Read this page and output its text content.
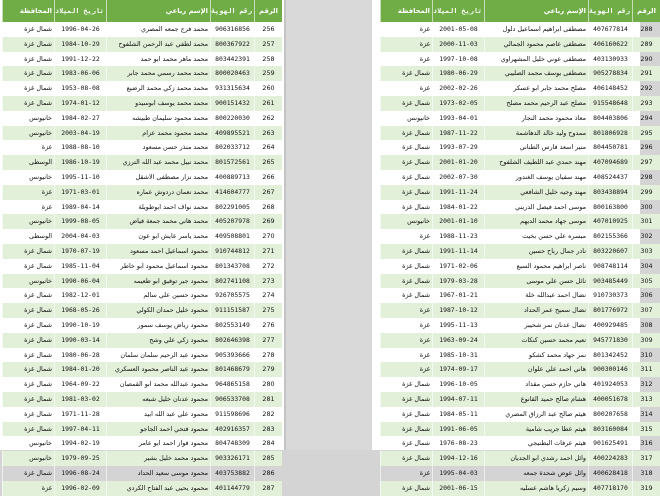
الرقم
رقم الهوية
الإسم رباعي
تاريخ الميلاد
المحافظة
256
906316856
محمد فرج جمعه المصري
1996-04-26
شمال غزة
257
800367922
محمد لطفي عبد الرحمن الشلفوح
1984-10-29
شمال غزة
258
803442391
محمد ماهر محمد ابو حمد
1991-12-22
شمال غزة
259
800020463
محمد محمد رسمي محمد جابر
1983-06-06
شمال غزة
260
931315634
محمد محمد زكي محمد الرضيع
1953-08-08
شمال غزة
261
900151432
محمد محمد يوسف ابوسيدو
1974-01-12
شمال غزة
262
800220030
محمد محمود سليمان طبيشه
1984-02-27
خانيونس
263
409895521
محمد محمود محمد عزام
2003-04-19
خانيونس
264
802033712
محمد منذر حسن مسعود
1988-08-10
غزة
265
801572561
محمد نبيل محمد عبد الله الترزي
1986-10-19
الوسطى
266
400889713
محمد نزار مصطفى الاشقل
1995-11-10
خانيونس
267
414604777
محمد نعمان دردوش عماره
1971-03-01
غزة
268
802291005
محمد نواف احمد ابوطويلة
1989-04-14
غزة
269
405207978
محمد هاني محمد جمعة فياض
1999-08-05
خانيونس
270
409508801
محمد ياسر عايش ابو عون
2004-04-03
الوسطى
271
910744812
محمود اسماعيل احمد مسعود
1970-07-19
شمال غزة
272
801343708
محمود اسماعيل محمود ابو خاطر
1985-11-04
شمال غزة
273
802741108
محمود جبر توفيق ابو طعيمه
1990-06-04
خانيونس
274
926705575
محمود حسين علي سالم
1982-12-01
شمال غزة
275
911151587
محمود خليل حمدان الكولي
1968-05-26
شمال غزة
276
802553149
محمود رياض يوسف سمور
1990-10-19
شمال غزة
277
802646398
محمود زكي علي وشح
1990-03-14
شمال غزة
278
905393666
محمود عبد الرحيم سلمان سلمان
1980-06-28
شمال غزة
279
801468679
محمود عبد الناصر محمود العسكري
1984-01-20
شمال غزة
280
964865158
محمود عبدالله محمد ابو القمصان
1964-09-22
شمال غزة
281
906533708
محمود عدنان خليل شبعه
1981-03-02
شمال غزة
282
911598696
محمود علي عبد الله ابيد
1971-11-28
شمال غزة
283
402916357
محمود فتحي احمد الجاجو
1997-04-11
شمال غزة
284
804748309
محمود فواز احمد ابو عامر
1994-02-19
خانيونس
285
903326171
محمود محمد خليل بشير
1979-09-25
خانيونس
286
403753882
محمود موسى سعيد الحداد
1996-08-24
شمال غزة
287
401144779
محمود يحيى عبد الفتاح الكردي
1996-02-09
غزة
الرقم
رقم الهوية
الإسم رباعي
تاريخ الميلاد
المحافظة
288
407677814
مصطفى ابراهيم اسماعيل دلول
2001-05-08
غزة
289
406160622
مصطفى عاصم محمود الجمالي
2000-11-03
غزة
290
403130933
مصطفى عوني خليل المشهراوي
1997-10-08
غزة
291
905278834
مصطفى يوسف محمد الصليبي
1980-06-29
شمال غزة
292
406148452
مصلح محمد جابر ابو عسكر
2002-02-26
غزة
293
915548648
مصلح عبد الرحيم محمد مصلح
1973-02-05
شمال غزة
294
804403806
معاذ محمود محمد النجار
1993-04-01
خانيونس
295
801806928
ممدوح وليد خالد الدهاشمة
1987-11-22
شمال غزة
296
804450781
منير اسعد فارس الطناني
1993-07-29
شمال غزة
297
407094689
مهند حمدي عبد اللطيف الشلفوح
2001-01-20
شمال غزة
298
408524437
مهند سفيان يوسف الغندور
2002-07-30
شمال غزة
299
803438894
مهند وجيه خليل الشافعي
1991-11-24
شمال غزة
300
800163800
موسى احمد فيصل الدريني
1984-01-22
شمال غزة
301
407010925
موسى جهاد محمد الديهم
2001-01-10
خانيونس
302
802155366
ميسره علي حسن بخيت
1988-11-23
غزة
303
803220607
نادر جمال رباح حسين
1991-11-14
شمال غزة
304
908748114
ناصر ابراهيم محمود السبع
1971-02-06
شمال غزة
305
903485449
نائل حسن علي موسى
1979-03-28
شمال غزة
306
910730373
نضال احمد عبدالله خلة
1967-01-21
شمال غزة
307
801776972
نضال سميح عمر الحداد
1987-10-12
غزة
308
400929485
نضال عدنان نمر شحيبر
1995-11-13
غزة
309
945771830
نعيم محمد حسين كنكات
1963-09-24
غزة
310
801342452
نمر جهاد محمد كشكو
1985-10-31
غزة
311
900300146
هاني احمد علي علوان
1974-09-17
غزة
312
401924053
هاني حازم حسن مقداد
1996-10-05
شمال غزة
313
400051678
هشام صالح حميد القانوع
1994-07-11
شمال غزة
314
800207658
هيثم صالح عبد الرزاق المصري
1984-05-11
شمال غزة
315
803160084
هيثم عطا جريب شامية
1991-06-05
شمال غزة
316
901625491
هيثم عرفات البطنيجي
1976-08-23
شمال غزة
317
400224283
وائل احمد رشدي ابو الجديان
1994-12-16
شمال غزة
318
400628418
وائل عوض شحدة جمعه
1995-04-03
غزة
319
407718170
وسيم زكريا هاشم عسليه
2001-06-15
شمال غزة
